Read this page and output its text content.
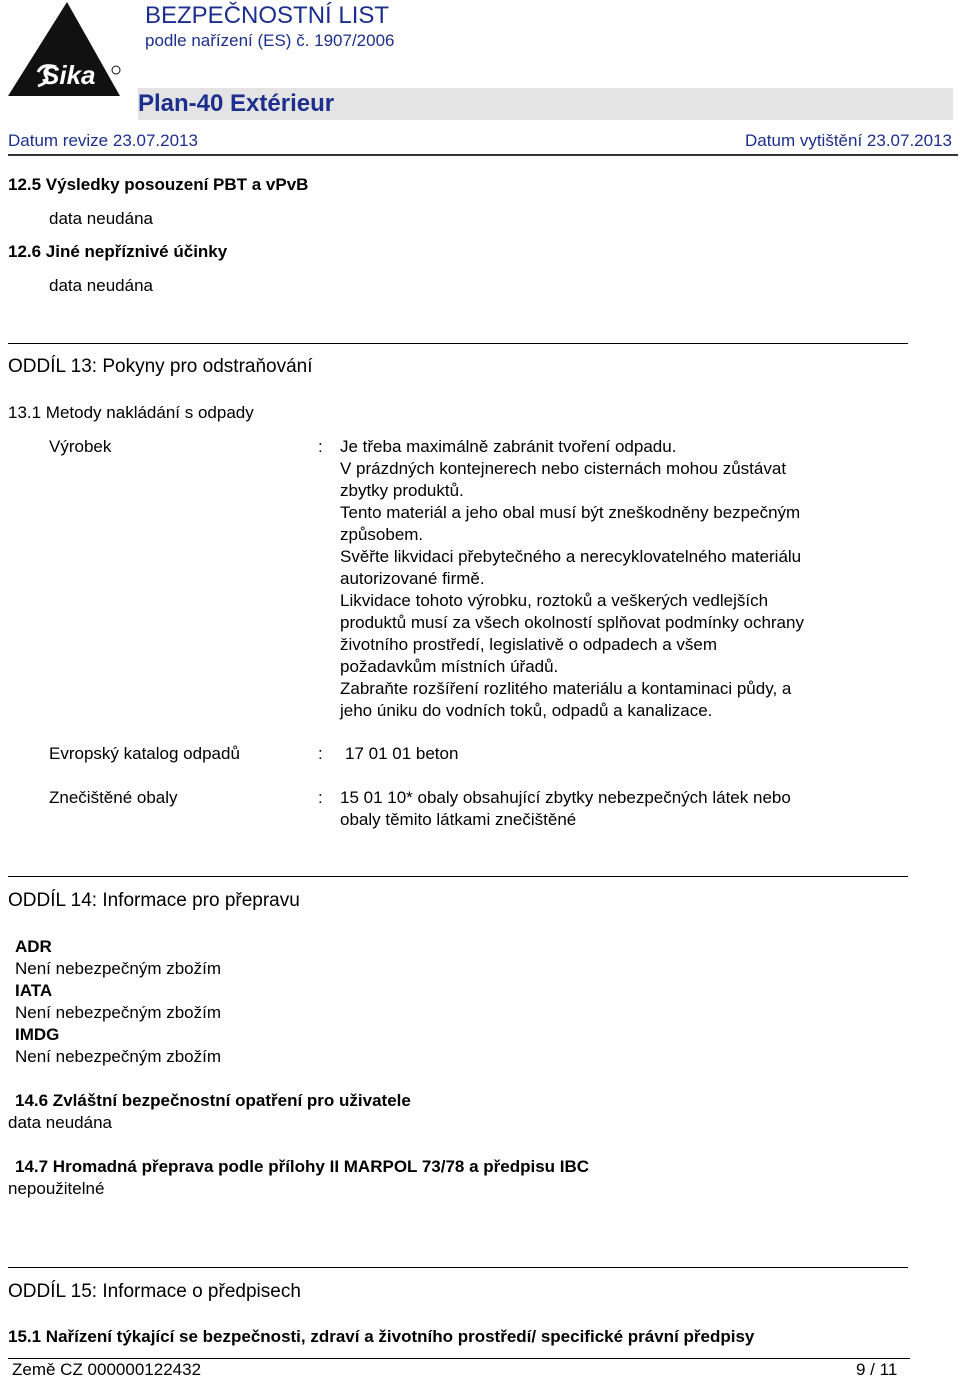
Sika
BEZPEČNOSTNÍ LIST
podle nařízení (ES) č. 1907/2006
Plan-40 Extérieur
Datum revize 23.07.2013	Datum vytištění 23.07.2013
12.5 Výsledky posouzení PBT a vPvB
data neudána
12.6 Jiné nepříznivé účinky
data neudána
ODDÍL 13: Pokyny pro odstraňování
13.1 Metody nakládání s odpady
Výrobek	: Je třeba maximálně zabránit tvoření odpadu.
V prázdných kontejnerech nebo cisternách mohou zůstávat
zbytky produktů.
Tento materiál a jeho obal musí být zneškodněny bezpečným
způsobem.
Svěřte likvidaci přebytečného a nerecyklovatelného materiálu
autorizované firmě.
Likvidace tohoto výrobku, roztoků a veškerých vedlejších
produktů musí za všech okolností splňovat podmínky ochrany
životního prostředí, legislativě o odpadech a všem
požadavkům místních úřadů.
Zabraňte rozšíření rozlitého materiálu a kontaminaci půdy, a
jeho úniku do vodních toků, odpadů a kanalizace.
Evropský katalog odpadů	: 17 01 01 beton
Znečištěné obaly	: 15 01 10* obaly obsahující zbytky nebezpečných látek nebo
obaly těmito látkami znečištěné
ODDÍL 14: Informace pro přepravu
ADR
Není nebezpečným zbožím
IATA
Není nebezpečným zbožím
IMDG
Není nebezpečným zbožím
14.6 Zvláštní bezpečnostní opatření pro uživatele
data neudána
14.7 Hromadná přeprava podle přílohy II MARPOL 73/78 a předpisu IBC
nepoužitelné
ODDÍL 15: Informace o předpisech
15.1 Nařízení týkající se bezpečnosti, zdraví a životního prostředí/ specifické právní předpisy
Země CZ 000000122432	9 / 11
